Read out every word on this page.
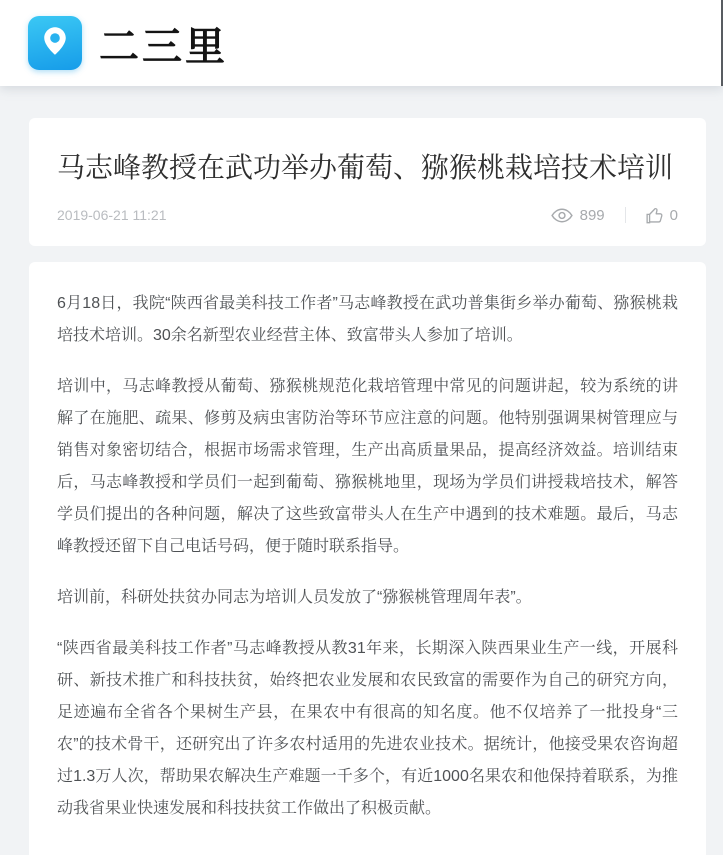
二三里
马志峰教授在武功举办葡萄、猕猴桃栽培技术培训
2019-06-21 11:21	899	0

6月18日，我院“陕西省最美科技工作者”马志峰教授在武功普集街乡举办葡萄、猕猴桃栽培技术培训。30余名新型农业经营主体、致富带头人参加了培训。

培训中，马志峰教授从葡萄、猕猴桃规范化栽培管理中常见的问题讲起，较为系统的讲解了在施肥、疏果、修剪及病虫害防治等环节应注意的问题。他特别强调果树管理应与销售对象密切结合，根据市场需求管理，生产出高质量果品，提高经济效益。培训结束后，马志峰教授和学员们一起到葡萄、猕猴桃地里，现场为学员们讲授栽培技术，解答学员们提出的各种问题，解决了这些致富带头人在生产中遇到的技术难题。最后，马志峰教授还留下自己电话号码，便于随时联系指导。

培训前，科研处扶贫办同志为培训人员发放了“猕猴桃管理周年表”。

“陕西省最美科技工作者”马志峰教授从教31年来，长期深入陕西果业生产一线，开展科研、新技术推广和科技扶贫，始终把农业发展和农民致富的需要作为自己的研究方向，足迹遍布全省各个果树生产县，在果农中有很高的知名度。他不仅培养了一批投身“三农”的技术骨干，还研究出了许多农村适用的先进农业技术。据统计，他接受果农咨询超过1.3万人次，帮助果农解决生产难题一千多个，有近1000名果农和他保持着联系，为推动我省果业快速发展和科技扶贫工作做出了积极贡献。
